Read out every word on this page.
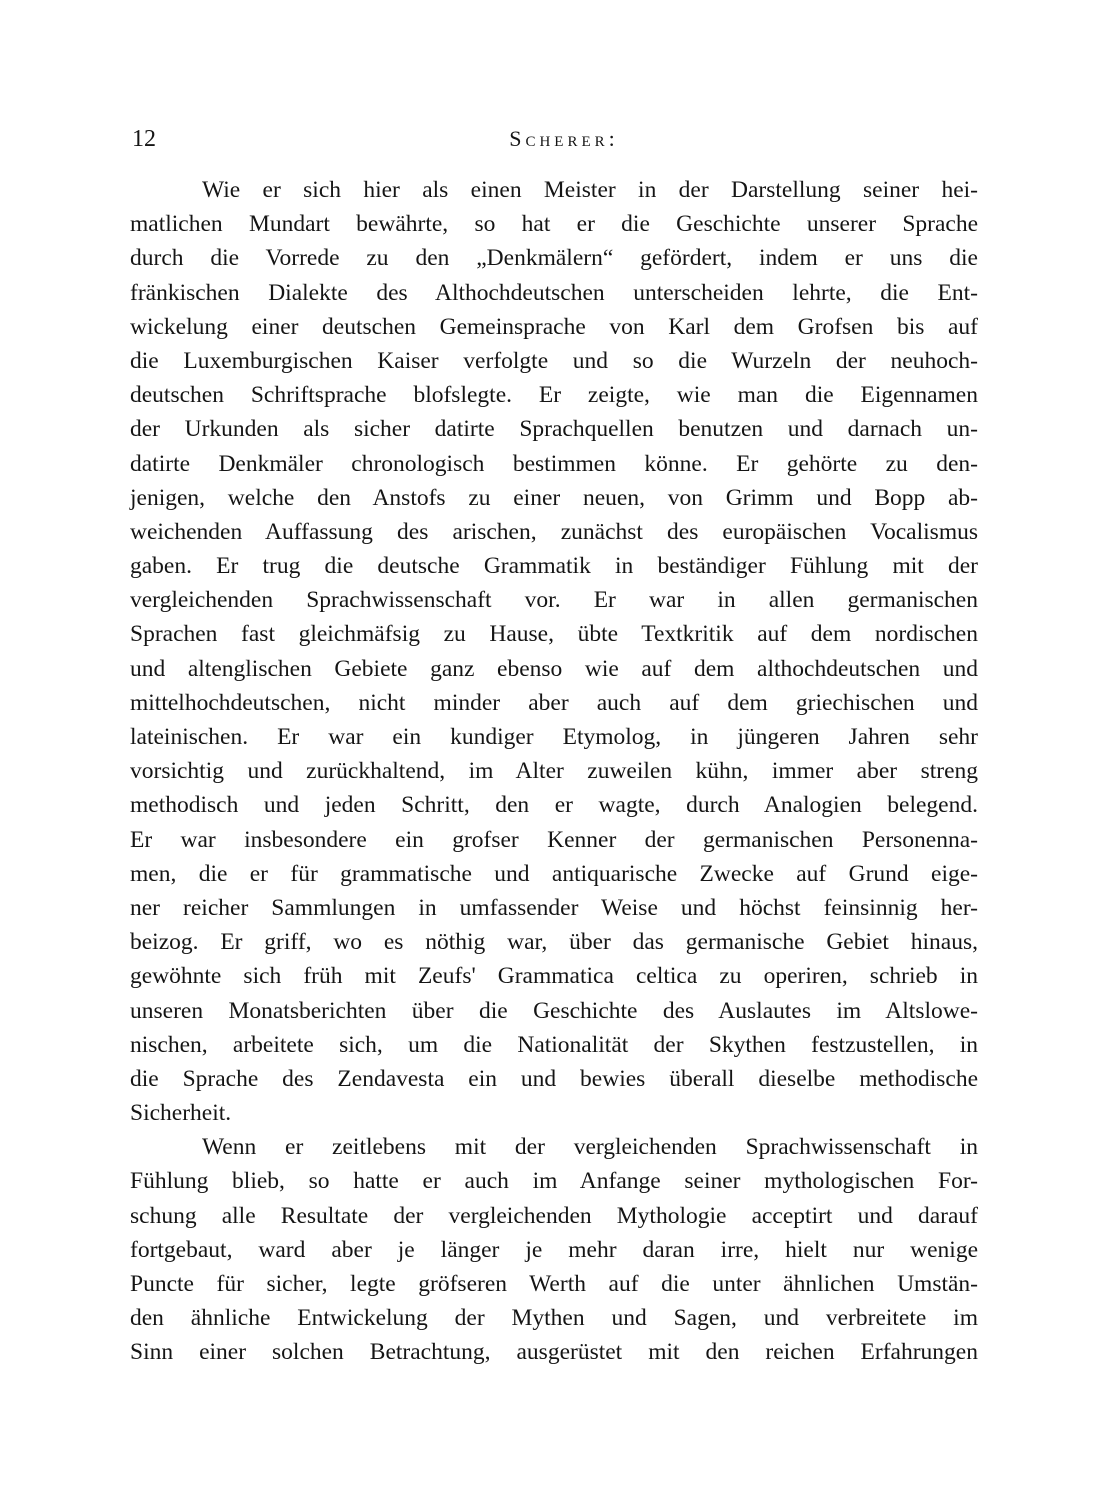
12	Scherer:
Wie er sich hier als einen Meister in der Darstellung seiner hei-
matlichen Mundart bewährte, so hat er die Geschichte unserer Sprache
durch die Vorrede zu den „Denkmälern“ gefördert, indem er uns die
fränkischen Dialekte des Althochdeutschen unterscheiden lehrte, die Ent-
wickelung einer deutschen Gemeinsprache von Karl dem Grofsen bis auf
die Luxemburgischen Kaiser verfolgte und so die Wurzeln der neuhoch-
deutschen Schriftsprache blofslegte. Er zeigte, wie man die Eigennamen
der Urkunden als sicher datirte Sprachquellen benutzen und darnach un-
datirte Denkmäler chronologisch bestimmen könne. Er gehörte zu den-
jenigen, welche den Anstofs zu einer neuen, von Grimm und Bopp ab-
weichenden Auffassung des arischen, zunächst des europäischen Vocalismus
gaben. Er trug die deutsche Grammatik in beständiger Fühlung mit der
vergleichenden Sprachwissenschaft vor. Er war in allen germanischen
Sprachen fast gleichmäfsig zu Hause, übte Textkritik auf dem nordischen
und altenglischen Gebiete ganz ebenso wie auf dem althochdeutschen und
mittelhochdeutschen, nicht minder aber auch auf dem griechischen und
lateinischen. Er war ein kundiger Etymolog, in jüngeren Jahren sehr
vorsichtig und zurückhaltend, im Alter zuweilen kühn, immer aber streng
methodisch und jeden Schritt, den er wagte, durch Analogien belegend.
Er war insbesondere ein grofser Kenner der germanischen Personenna-
men, die er für grammatische und antiquarische Zwecke auf Grund eige-
ner reicher Sammlungen in umfassender Weise und höchst feinsinnig her-
beizog. Er griff, wo es nöthig war, über das germanische Gebiet hinaus,
gewöhnte sich früh mit Zeufs' Grammatica celtica zu operiren, schrieb in
unseren Monatsberichten über die Geschichte des Auslautes im Altslowe-
nischen, arbeitete sich, um die Nationalität der Skythen festzustellen, in
die Sprache des Zendavesta ein und bewies überall dieselbe methodische
Sicherheit.
Wenn er zeitlebens mit der vergleichenden Sprachwissenschaft in
Fühlung blieb, so hatte er auch im Anfange seiner mythologischen For-
schung alle Resultate der vergleichenden Mythologie acceptirt und darauf
fortgebaut, ward aber je länger je mehr daran irre, hielt nur wenige
Puncte für sicher, legte gröfseren Werth auf die unter ähnlichen Umstän-
den ähnliche Entwickelung der Mythen und Sagen, und verbreitete im
Sinn einer solchen Betrachtung, ausgerüstet mit den reichen Erfahrungen
